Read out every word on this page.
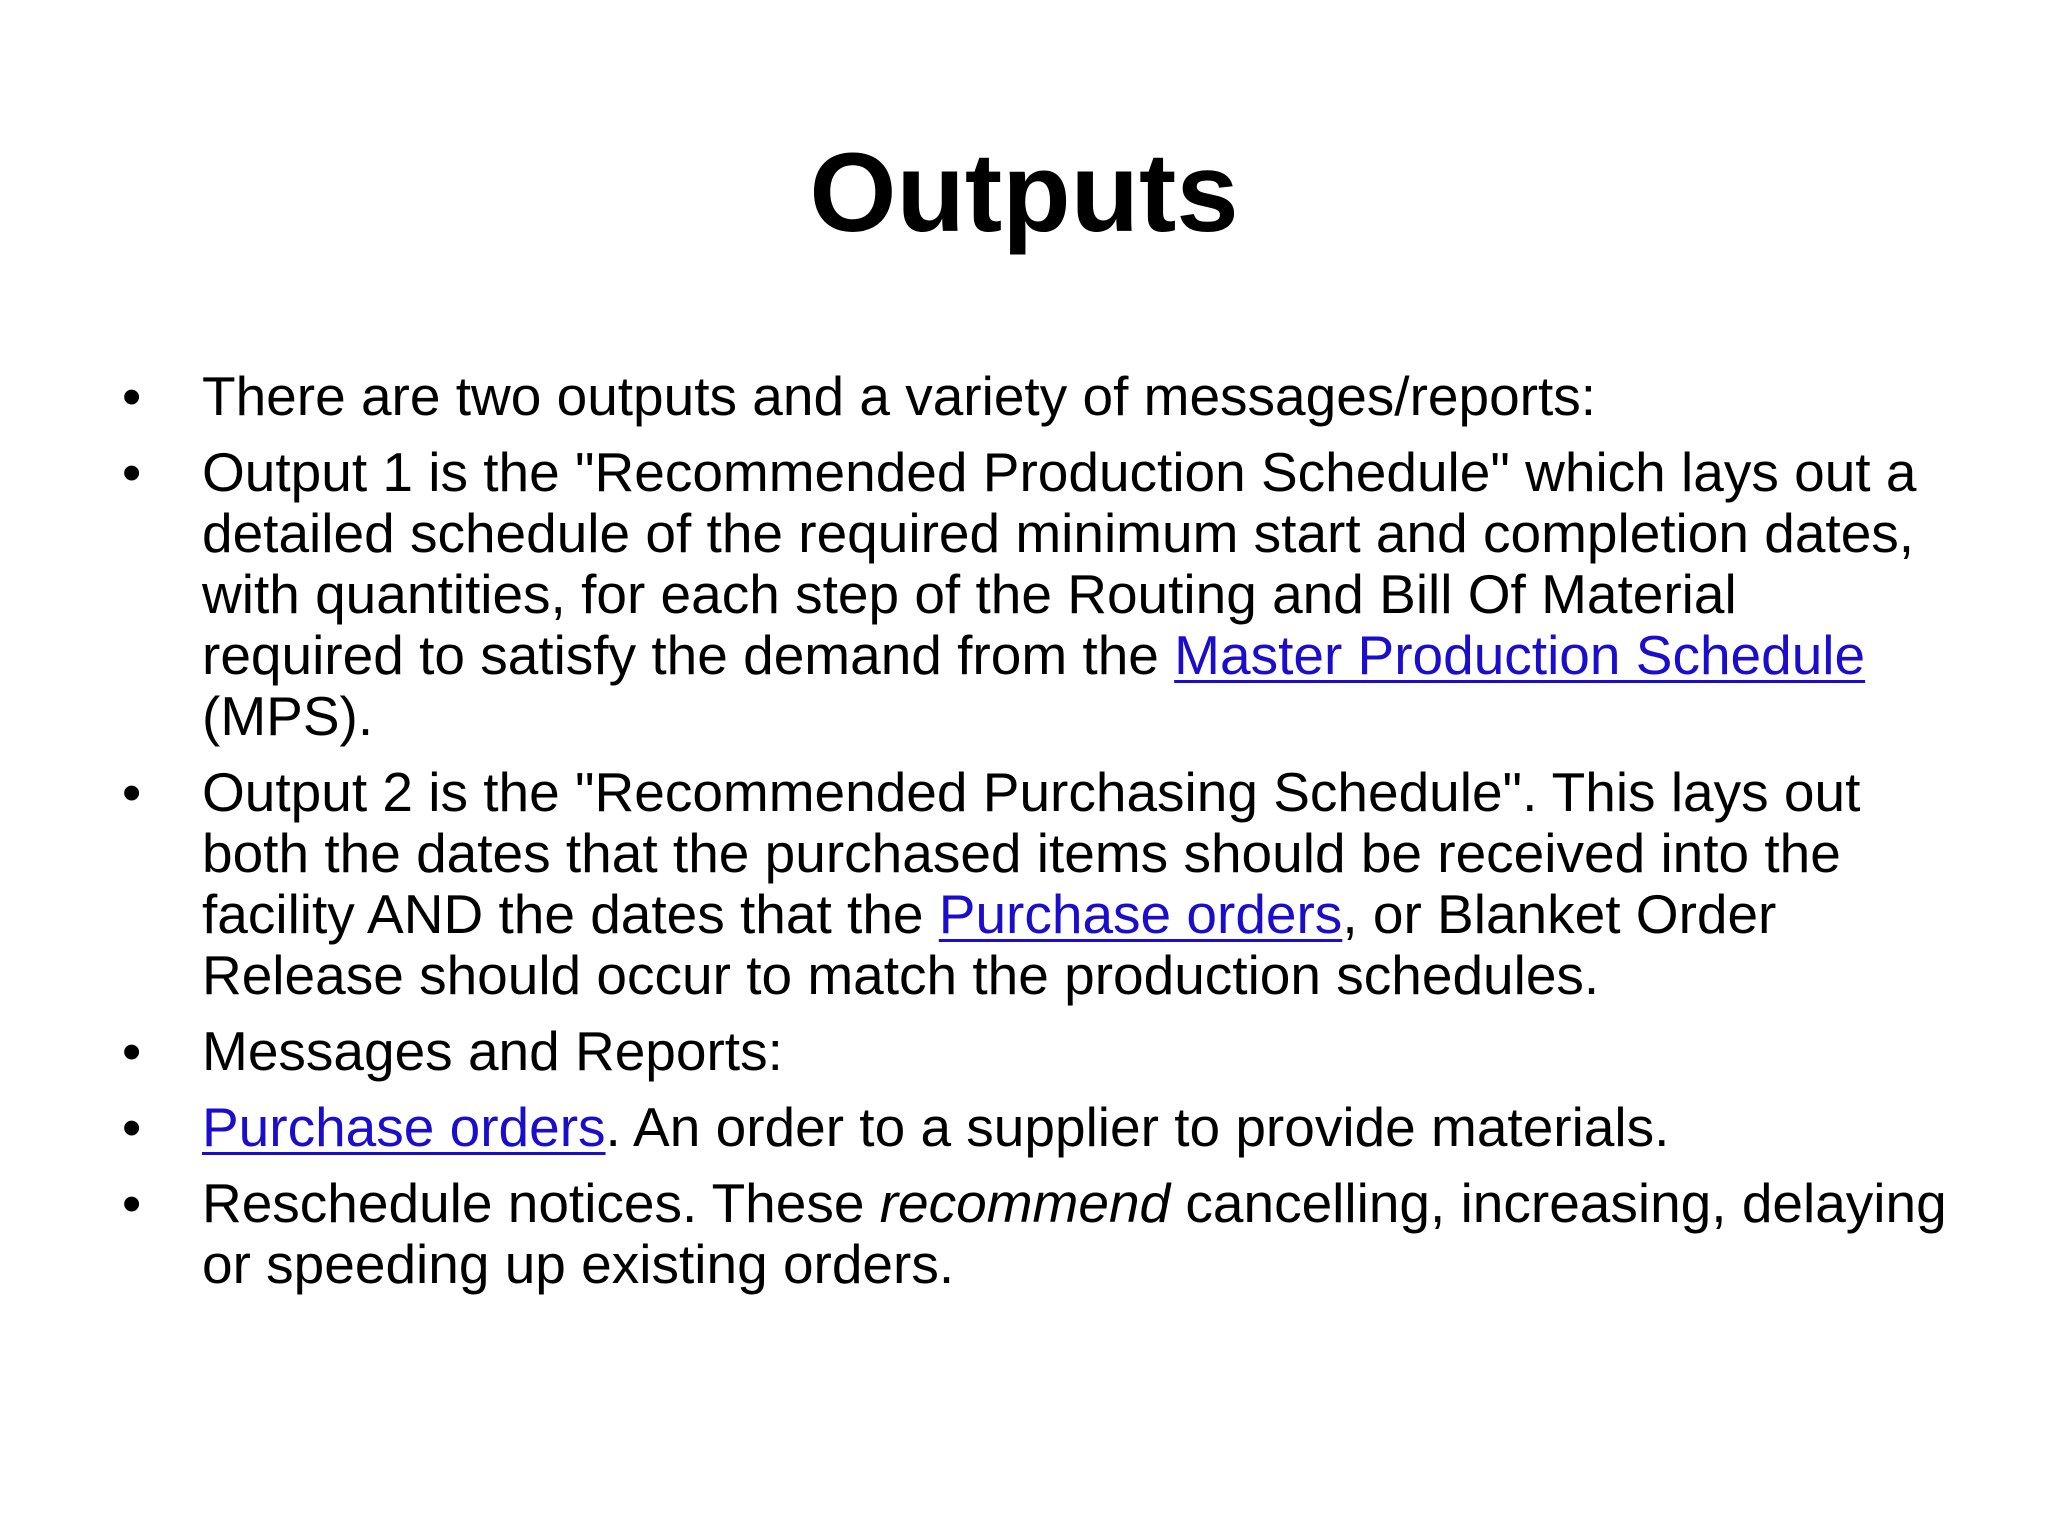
Outputs
•	There are two outputs and a variety of messages/reports:
•	Output 1 is the "Recommended Production Schedule" which lays out a detailed schedule of the required minimum start and completion dates, with quantities, for each step of the Routing and Bill Of Material required to satisfy the demand from the Master Production Schedule (MPS).
•	Output 2 is the "Recommended Purchasing Schedule". This lays out both the dates that the purchased items should be received into the facility AND the dates that the Purchase orders, or Blanket Order Release should occur to match the production schedules.
•	Messages and Reports:
•	Purchase orders. An order to a supplier to provide materials.
•	Reschedule notices. These recommend cancelling, increasing, delaying or speeding up existing orders.
